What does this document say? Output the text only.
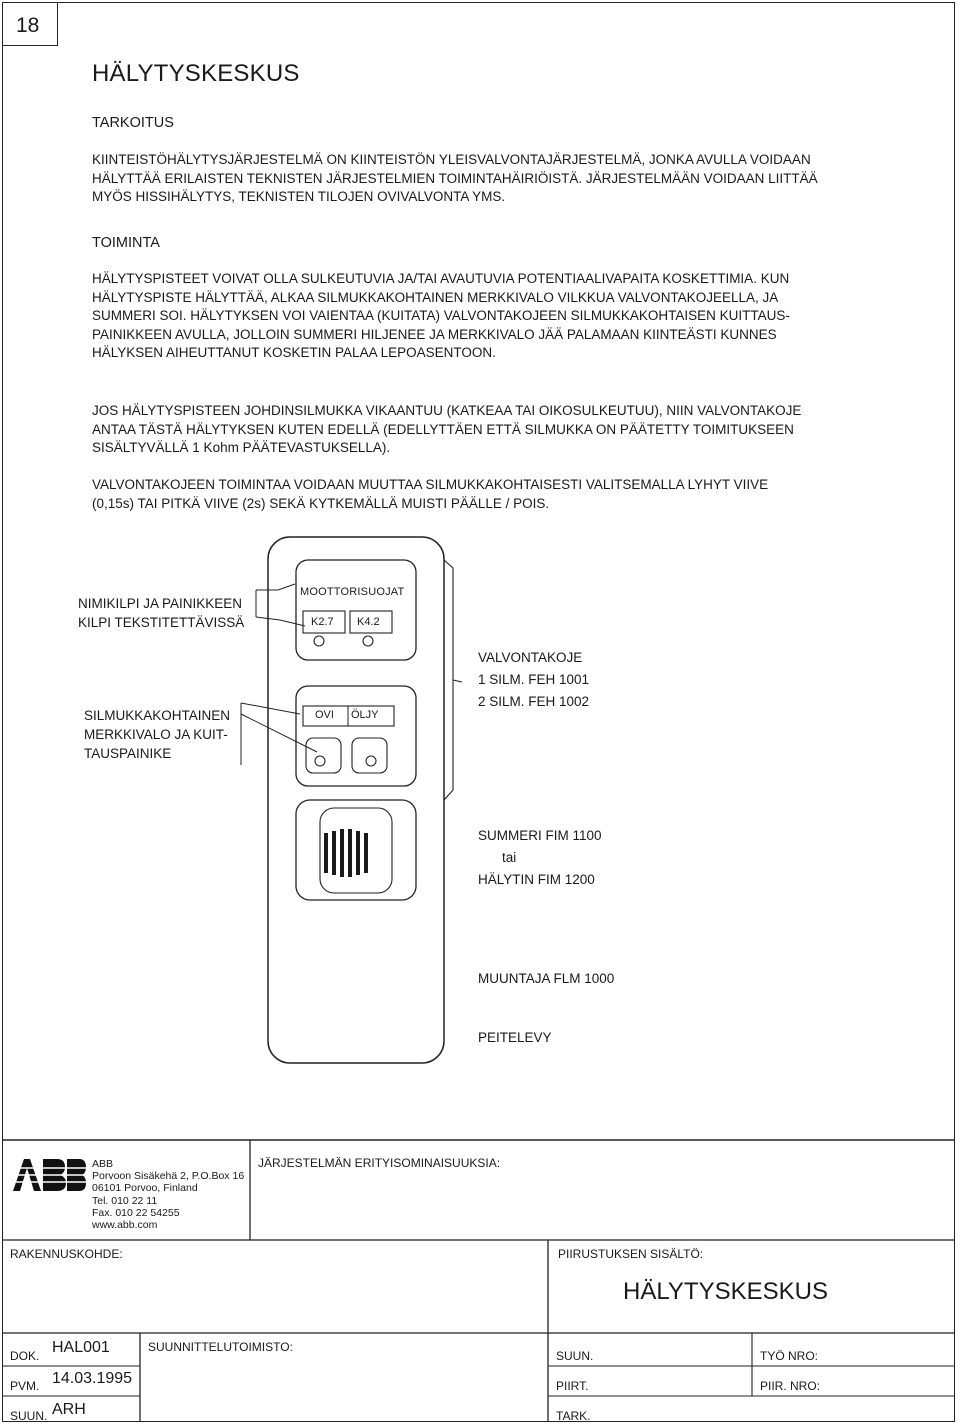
18
HÄLYTYSKESKUS
TARKOITUS
KIINTEISTÖHÄLYTYSJÄRJESTELMÄ ON KIINTEISTÖN YLEISVALVONTAJÄRJESTELMÄ, JONKA AVULLA VOIDAAN
HÄLYTTÄÄ ERILAISTEN TEKNISTEN JÄRJESTELMIEN TOIMINTAHÄIRIÖISTÄ. JÄRJESTELMÄÄN VOIDAAN LIITTÄÄ
MYÖS HISSIHÄLYTYS, TEKNISTEN TILOJEN OVIVALVONTA YMS.
TOIMINTA
HÄLYTYSPISTEET VOIVAT OLLA SULKEUTUVIA JA/TAI AVAUTUVIA POTENTIAALIVAPAITA KOSKETTIMIA. KUN
HÄLYTYSPISTE HÄLYTTÄÄ, ALKAA SILMUKKAKOHTAINEN MERKKIVALO VILKKUA VALVONTAKOJEELLA, JA
SUMMERI SOI. HÄLYTYKSEN VOI VAIENTAA (KUITATA) VALVONTAKOJEEN SILMUKKAKOHTAISEN KUITTAUS-
PAINIKKEEN AVULLA, JOLLOIN SUMMERI HILJENEE JA MERKKIVALO JÄÄ PALAMAAN KIINTEÄSTI KUNNES
HÄLYKSEN AIHEUTTANUT KOSKETIN PALAA LEPOASENTOON.
JOS HÄLYTYSPISTEEN JOHDINSILMUKKA VIKAANTUU (KATKEAA TAI OIKOSULKEUTUU), NIIN VALVONTAKOJE
ANTAA TÄSTÄ HÄLYTYKSEN KUTEN EDELLÄ (EDELLYTTÄEN ETTÄ SILMUKKA ON PÄÄTETTY TOIMITUKSEEN
SISÄLTYVÄLLÄ 1 Kohm PÄÄTEVASTUKSELLA).
VALVONTAKOJEEN TOIMINTAA VOIDAAN MUUTTAA SILMUKKAKOHTAISESTI VALITSEMALLA LYHYT VIIVE
(0,15s) TAI PITKÄ VIIVE (2s) SEKÄ KYTKEMÄLLÄ MUISTI PÄÄLLE / POIS.
MOOTTORISUOJAT
K2.7 K4.2
OVI ÖLJY
NIMIKILPI JA PAINIKKEEN
KILPI TEKSTITETTÄVISSÄ
SILMUKKAKOHTAINEN
MERKKIVALO JA KUIT-
TAUSPAINIKE
VALVONTAKOJE
1 SILM. FEH 1001
2 SILM. FEH 1002
SUMMERI FIM 1100
tai
HÄLYTIN FIM 1200
MUUNTAJA FLM 1000
PEITELEVY
ABB
Porvoon Sisäkehä 2, P.O.Box 16
06101 Porvoo, Finland
Tel. 010 22 11
Fax. 010 22 54255
www.abb.com
JÄRJESTELMÄN ERITYISOMINAISUUKSIA:
RAKENNUSKOHDE:	PIIRUSTUKSEN SISÄLTÖ:
HÄLYTYSKESKUS
DOK. HAL001	SUUNNITTELUTOIMISTO:
PVM. 14.03.1995
SUUN. ARH
SUUN.
PIIRT.
TARK.
TYÖ NRO:
PIIR. NRO:
